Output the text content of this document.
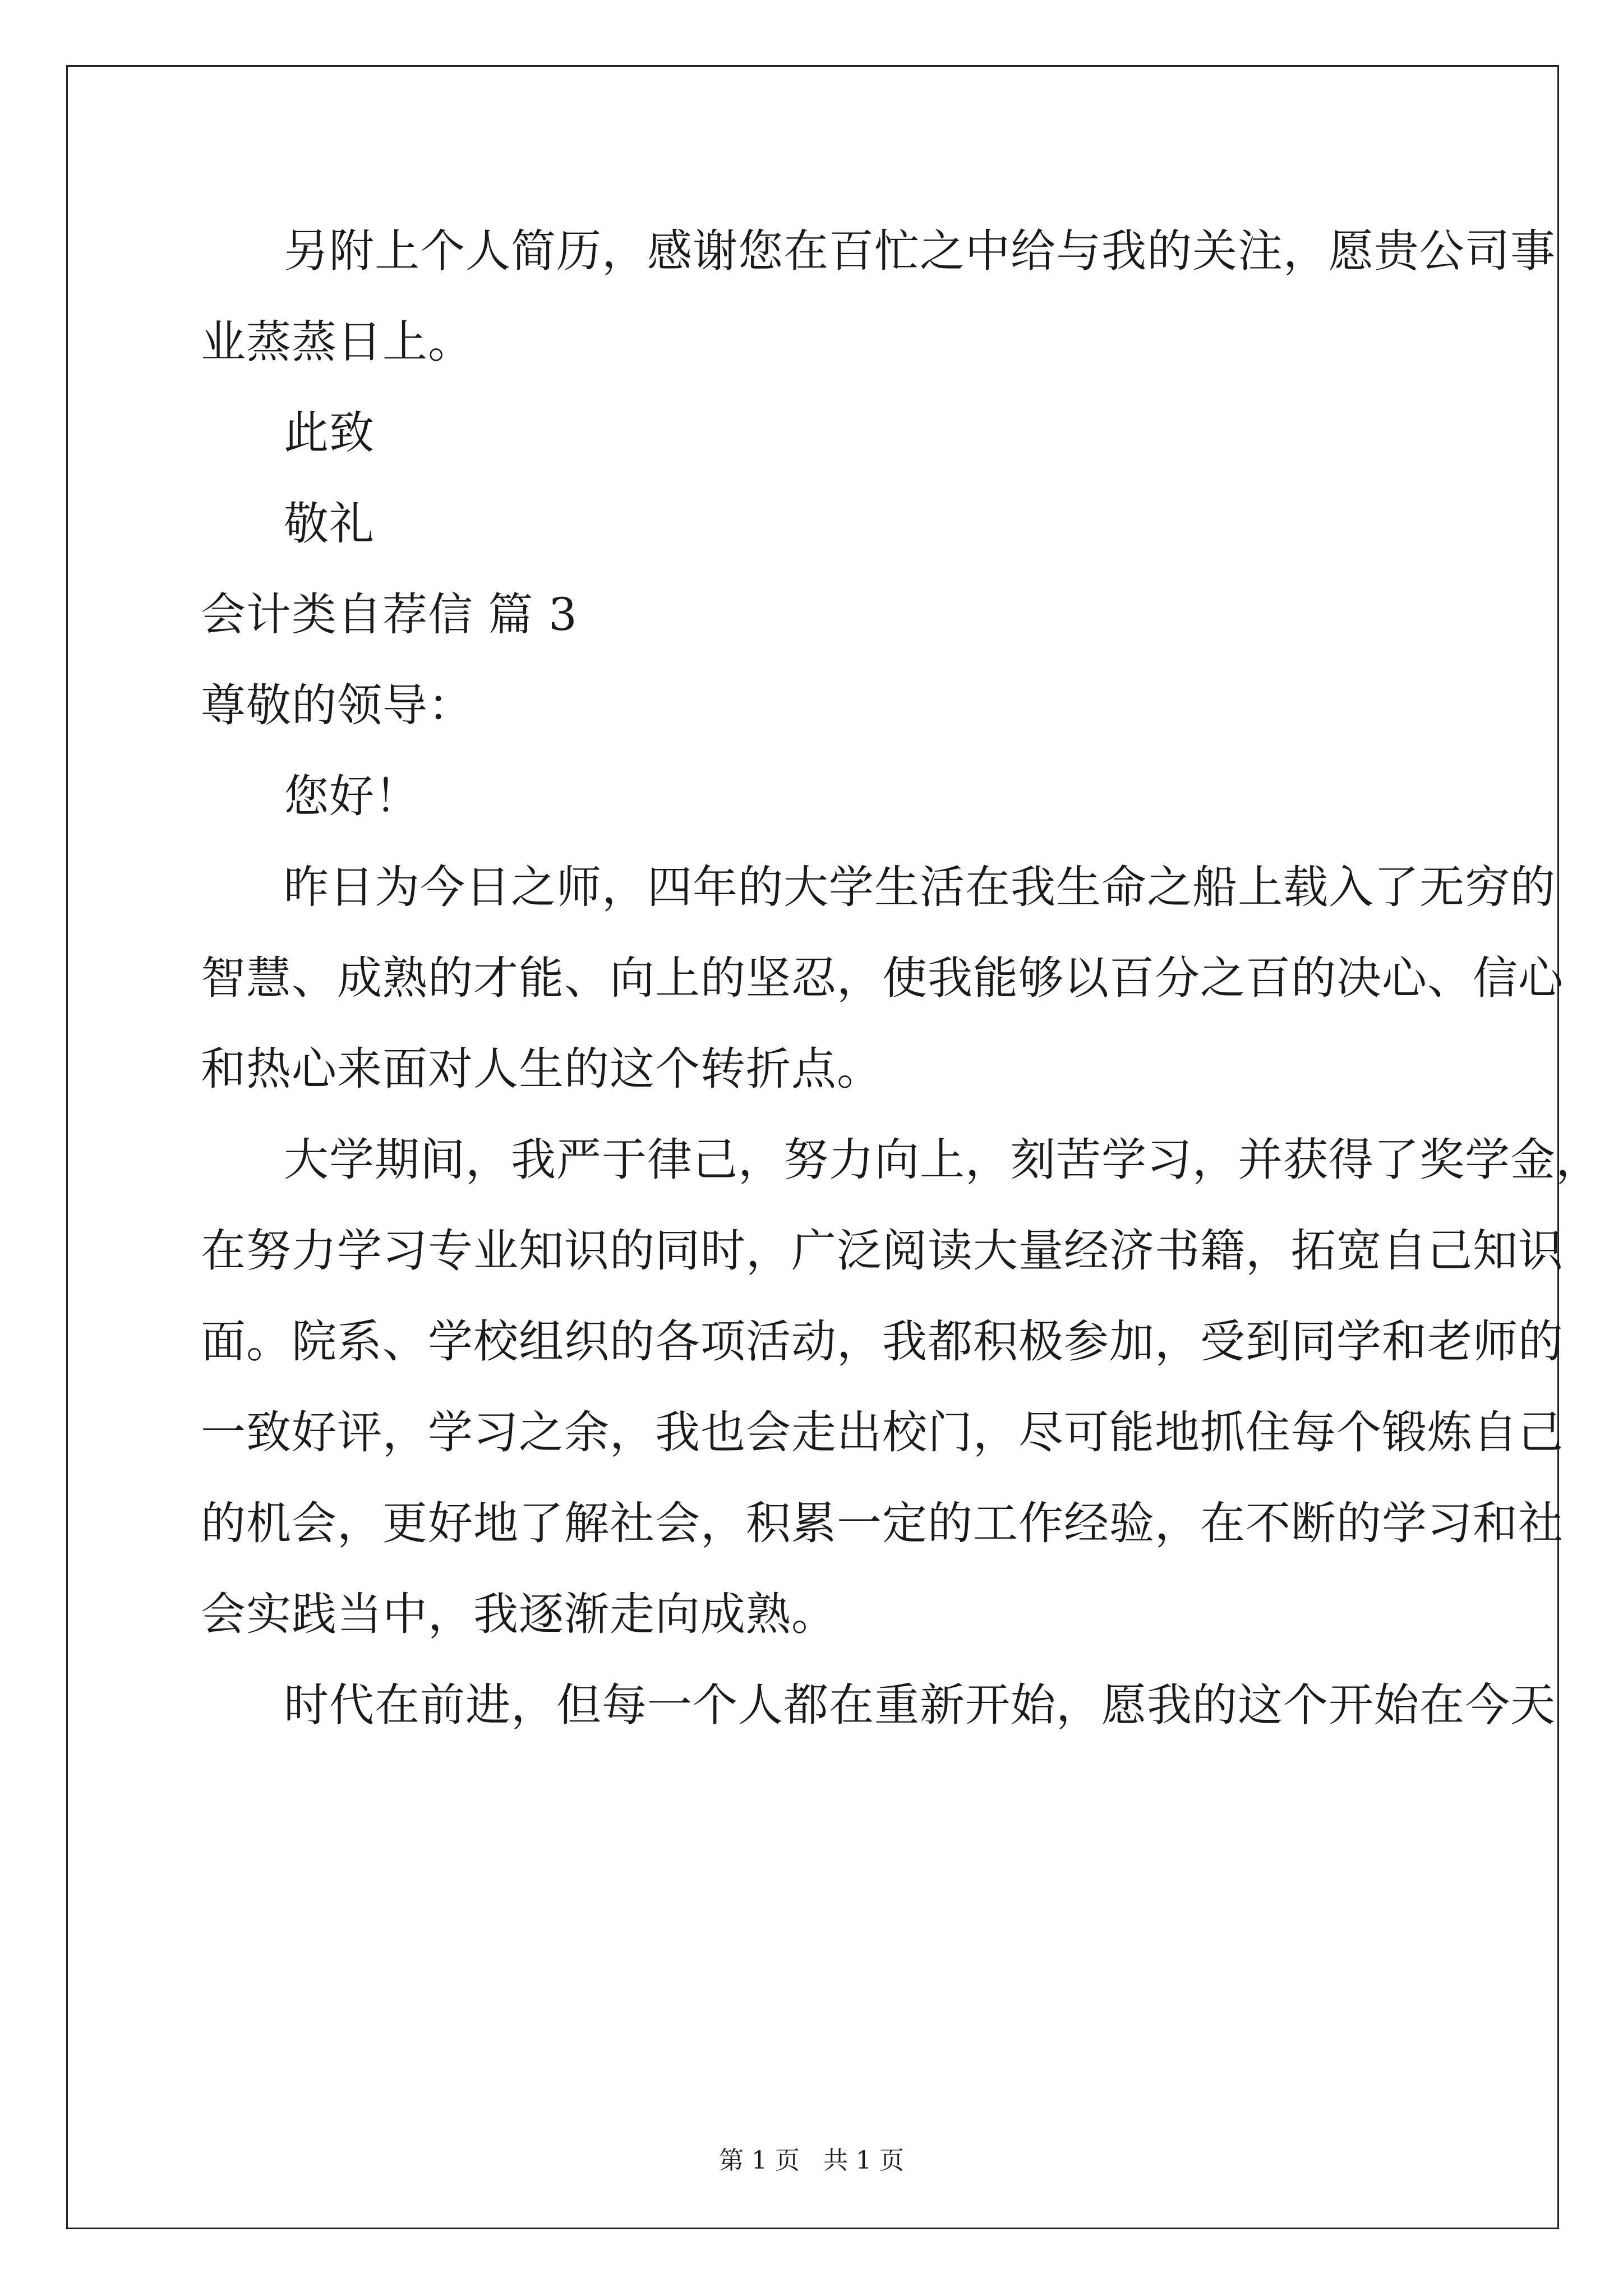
另附上个人简历，感谢您在百忙之中给与我的关注，愿贵公司事
业蒸蒸日上。
此致
敬礼
会计类自荐信 篇 3
尊敬的领导：
您好！
昨日为今日之师，四年的大学生活在我生命之船上载入了无穷的
智慧、成熟的才能、向上的坚忍，使我能够以百分之百的决心、信心
和热心来面对人生的这个转折点。
大学期间，我严于律己，努力向上，刻苦学习，并获得了奖学金，
在努力学习专业知识的同时，广泛阅读大量经济书籍，拓宽自己知识
面。院系、学校组织的各项活动，我都积极参加，受到同学和老师的
一致好评，学习之余，我也会走出校门，尽可能地抓住每个锻炼自己
的机会，更好地了解社会，积累一定的工作经验，在不断的学习和社
会实践当中，我逐渐走向成熟。
时代在前进，但每一个人都在重新开始，愿我的这个开始在今天
第 1 页   共 1 页
